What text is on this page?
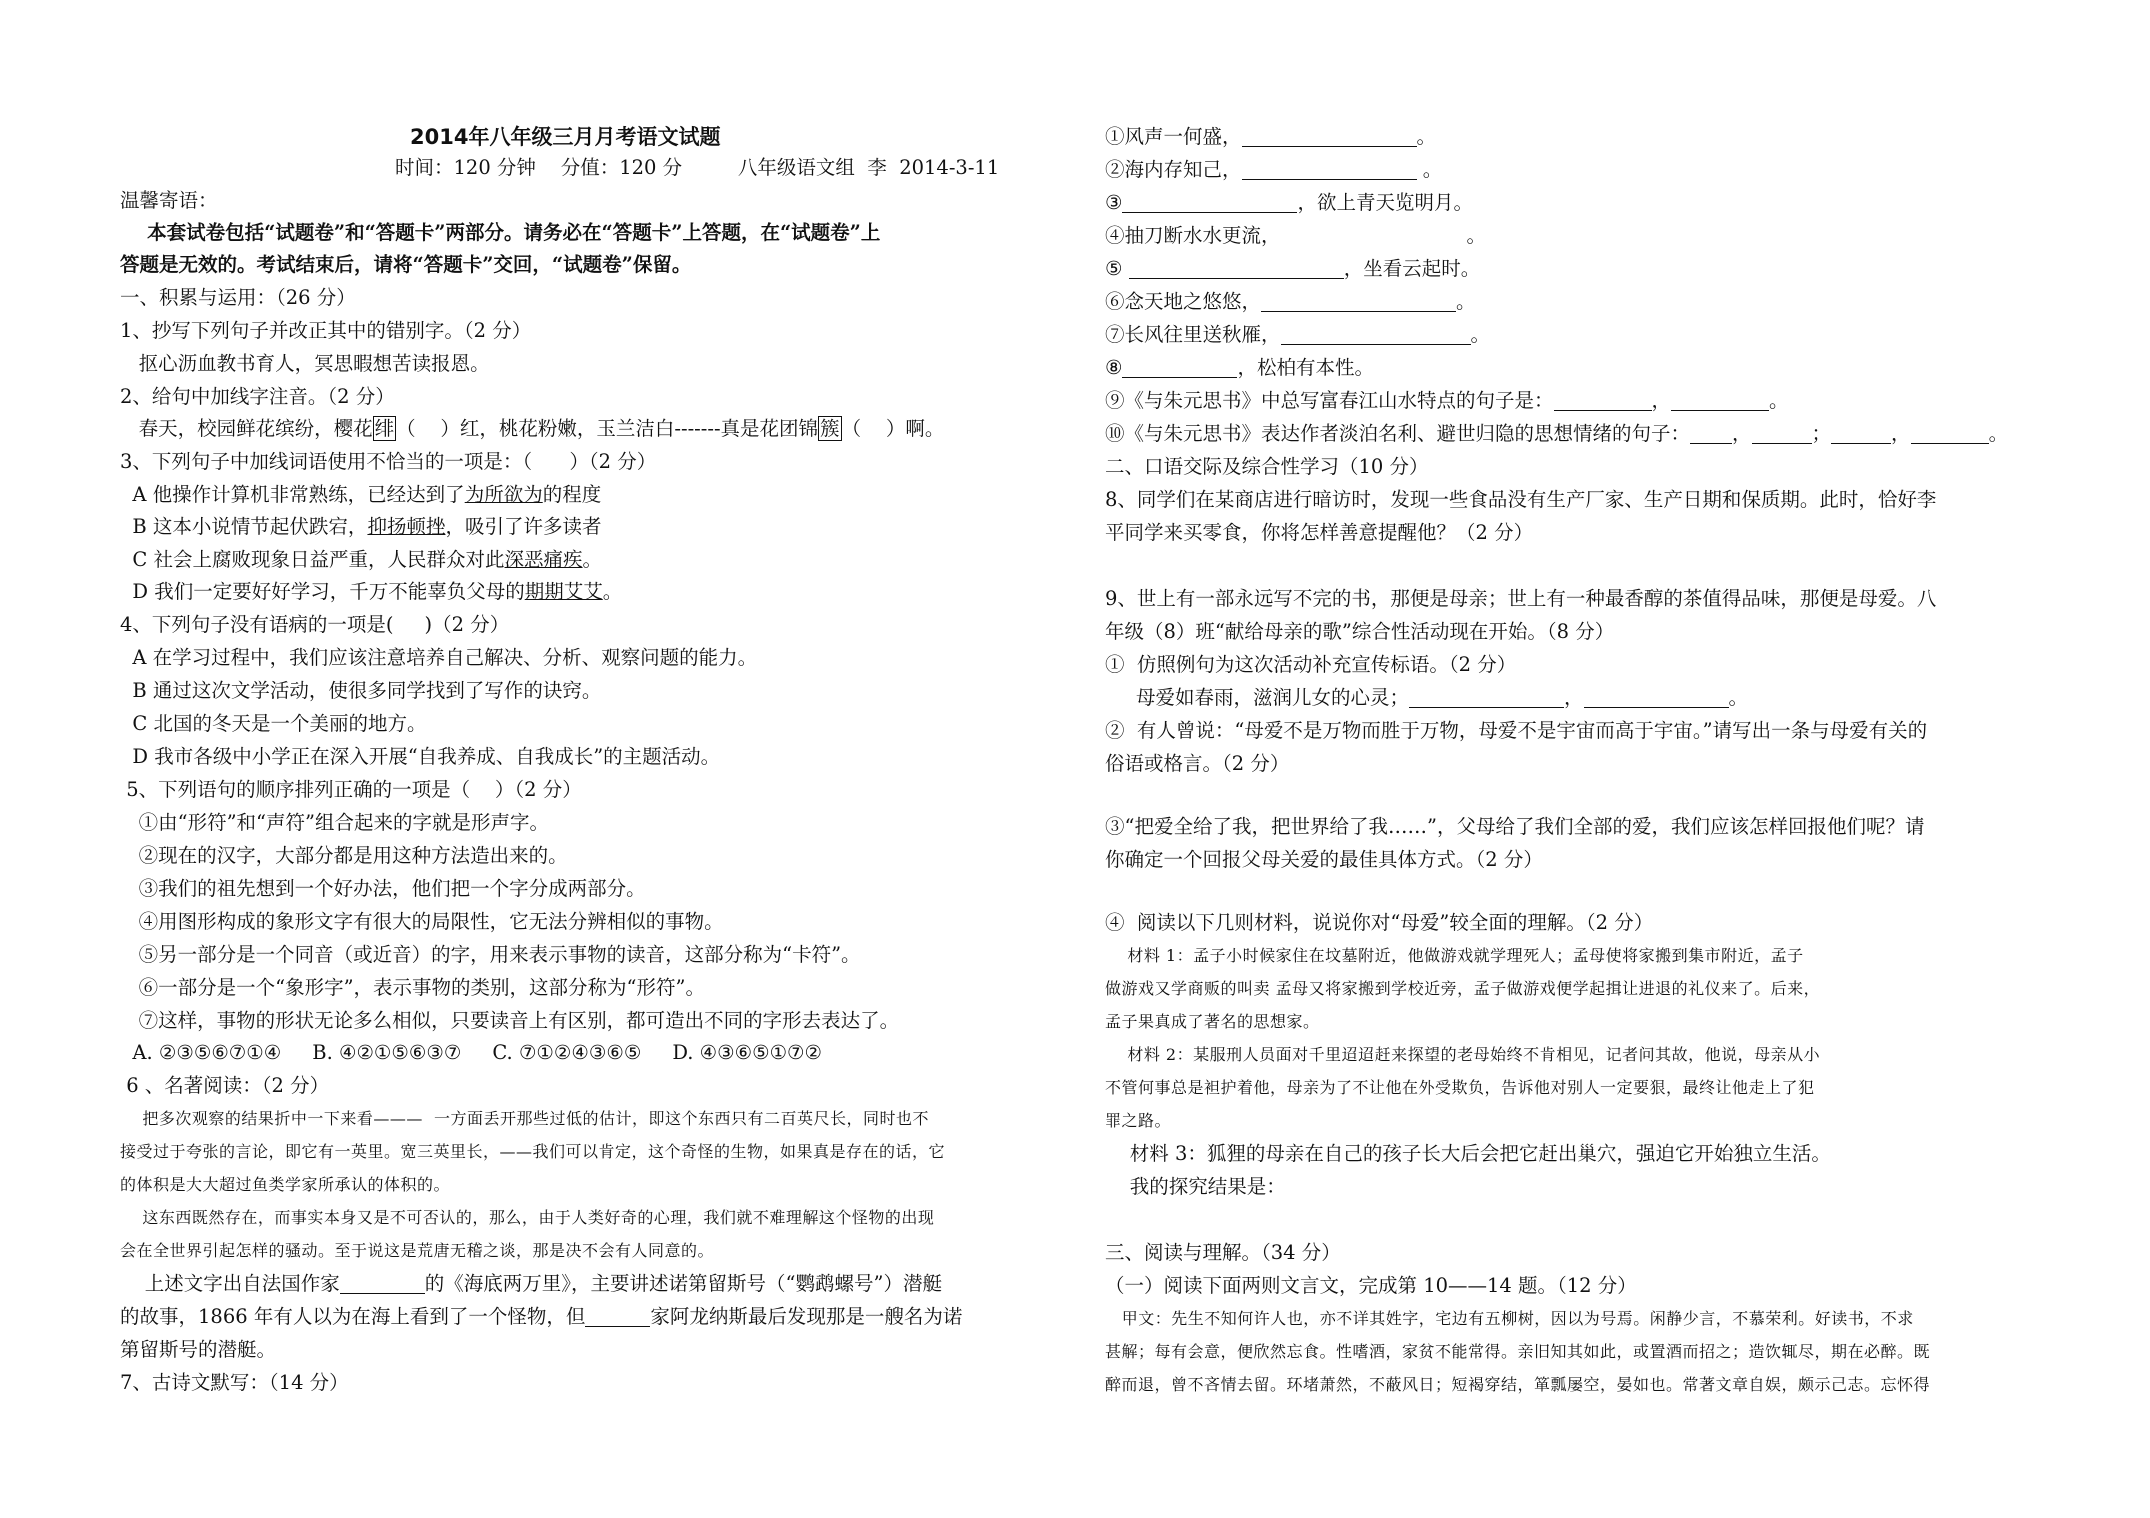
2014年八年级三月月考语文试题
时间：120 分钟    分值：120 分         八年级语文组  李  2014-3-11
温馨寄语：
本套试卷包括“试题卷”和“答题卡”两部分。请务必在“答题卡”上答题，在“试题卷”上
答题是无效的。考试结束后，请将“答题卡”交回，“试题卷”保留。
一、积累与运用：（26 分）
1、抄写下列句子并改正其中的错别字。（2 分）
抠心沥血教书育人，冥思暇想苦读报恩。
2、给句中加线字注音。（2 分）
春天，校园鲜花缤纷，樱花 绯 （    ）红，桃花粉嫩，玉兰洁白-------真是花团锦 簇 （    ）啊。
3、下列句子中加线词语使用不恰当的一项是：（      ）（2 分）
A 他操作计算机非常熟练，已经达到了为所欲为的程度
B 这本小说情节起伏跌宕，抑扬顿挫，吸引了许多读者
C 社会上腐败现象日益严重，人民群众对此深恶痛疾。
D 我们一定要好好学习，千万不能辜负父母的期期艾艾。
4、下列句子没有语病的一项是(     )（2 分）
A 在学习过程中，我们应该注意培养自己解决、分析、观察问题的能力。
B 通过这次文学活动，使很多同学找到了写作的诀窍。
C 北国的冬天是一个美丽的地方。
D 我市各级中小学正在深入开展“自我养成、自我成长”的主题活动。
5、下列语句的顺序排列正确的一项是（    ）（2 分）
①由“形符”和“声符”组合起来的字就是形声字。
②现在的汉字，大部分都是用这种方法造出来的。
③我们的祖先想到一个好办法，他们把一个字分成两部分。
④用图形构成的象形文字有很大的局限性，它无法分辨相似的事物。
⑤另一部分是一个同音（或近音）的字，用来表示事物的读音，这部分称为“卡符”。
⑥一部分是一个“象形字”，表示事物的类别，这部分称为“形符”。
⑦这样，事物的形状无论多么相似，只要读音上有区别，都可造出不同的字形去表达了。
A. ②③⑤⑥⑦①④     B. ④②①⑤⑥③⑦     C. ⑦①②④③⑥⑤     D. ④③⑥⑤①⑦②
6 、名著阅读：（2 分）
把多次观察的结果折中一下来看———  一方面丢开那些过低的估计，即这个东西只有二百英尺长，同时也不
接受过于夸张的言论，即它有一英里。宽三英里长，——我们可以肯定，这个奇怪的生物，如果真是存在的话，它
的体积是大大超过鱼类学家所承认的体积的。
这东西既然存在，而事实本身又是不可否认的，那么，由于人类好奇的心理，我们就不难理解这个怪物的出现
会在全世界引起怎样的骚动。至于说这是荒唐无稽之谈，那是决不会有人同意的。
上述文字出自法国作家	的《海底两万里》，主要讲述诺第留斯号（“鹦鹉螺号”）潜艇
的故事，1866 年有人以为在海上看到了一个怪物，但	家阿龙纳斯最后发现那是一艘名为诺
第留斯号的潜艇。
7、古诗文默写：（14 分）
①风声一何盛，	。
②海内存知己，	。
③	，欲上青天览明月。
④抽刀断水水更流，                              。
⑤	，坐看云起时。
⑥念天地之悠悠，	。
⑦长风往里送秋雁，	。
⑧	，松柏有本性。
⑨《与朱元思书》中总写富春江山水特点的句子是：	，	。
⑩《与朱元思书》表达作者淡泊名利、避世归隐的思想情绪的句子： ，	；	，	。
二、口语交际及综合性学习（10 分）
8、同学们在某商店进行暗访时，发现一些食品没有生产厂家、生产日期和保质期。此时，恰好李
平同学来买零食，你将怎样善意提醒他？（2 分）
9、世上有一部永远写不完的书，那便是母亲；世上有一种最香醇的茶值得品味，那便是母爱。八
年级（8）班“献给母亲的歌”综合性活动现在开始。（8 分）
①  仿照例句为这次活动补充宣传标语。（2 分）
母爱如春雨，滋润儿女的心灵；	，	。
②  有人曾说：“母爱不是万物而胜于万物，母爱不是宇宙而高于宇宙。”请写出一条与母爱有关的
俗语或格言。（2 分）
③“把爱全给了我，把世界给了我……”，父母给了我们全部的爱，我们应该怎样回报他们呢？请
你确定一个回报父母关爱的最佳具体方式。（2 分）
④  阅读以下几则材料，说说你对“母爱”较全面的理解。（2 分）
材料 1：孟子小时候家住在坟墓附近，他做游戏就学理死人；孟母使将家搬到集市附近，孟子
做游戏又学商贩的叫卖 孟母又将家搬到学校近旁，孟子做游戏便学起揖让进退的礼仪来了。后来，
孟子果真成了著名的思想家。
材料 2：某服刑人员面对千里迢迢赶来探望的老母始终不肯相见，记者问其故，他说，母亲从小
不管何事总是袒护着他，母亲为了不让他在外受欺负，告诉他对别人一定要狠，最终让他走上了犯
罪之路。
材料 3：狐狸的母亲在自己的孩子长大后会把它赶出巢穴，强迫它开始独立生活。
我的探究结果是：
三、阅读与理解。（34 分）
（一）阅读下面两则文言文，完成第 10——14 题。（12 分）
甲文：先生不知何许人也，亦不详其姓字，宅边有五柳树，因以为号焉。闲静少言，不慕荣利。好读书，不求
甚解；每有会意，便欣然忘食。性嗜酒，家贫不能常得。亲旧知其如此，或置酒而招之；造饮辄尽，期在必醉。既
醉而退，曾不吝情去留。环堵萧然，不蔽风日；短褐穿结，箪瓢屡空，晏如也。常著文章自娱，颇示己志。忘怀得
